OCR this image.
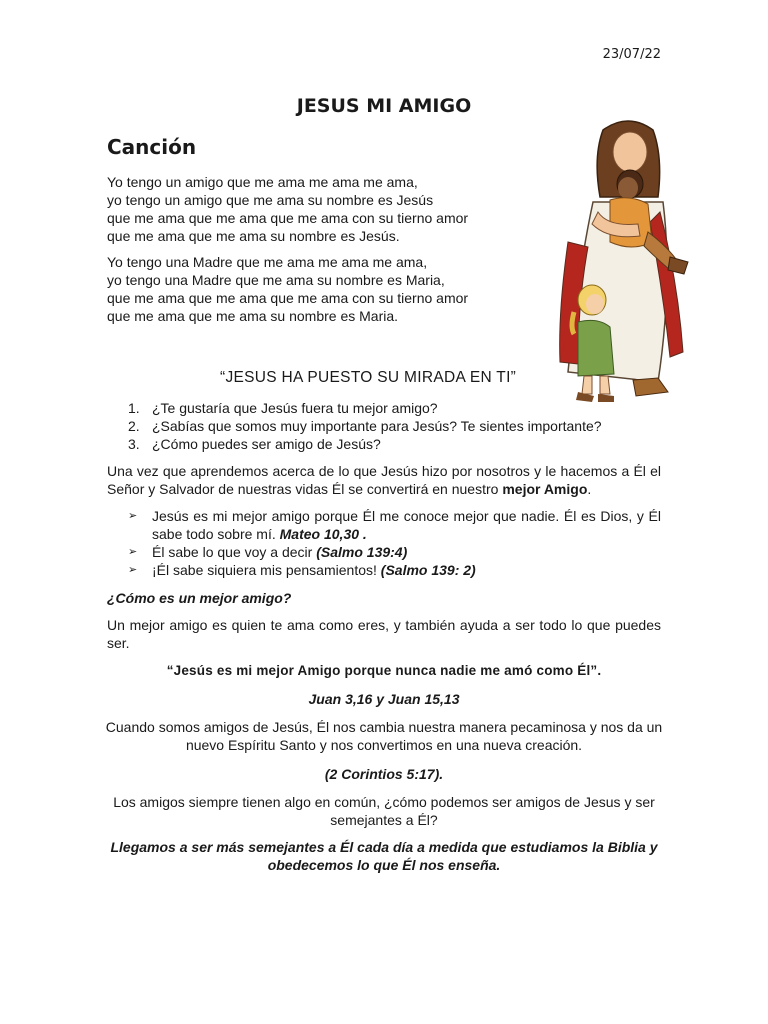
23/07/22
JESUS MI AMIGO
Canción
Yo tengo un amigo que me ama me ama me ama,
yo tengo un amigo que me ama su nombre es Jesús
que me ama que me ama que me ama con su tierno amor
que me ama que me ama su nombre es Jesús.
Yo tengo una Madre que me ama me ama me ama,
yo tengo una Madre que me ama su nombre es Maria,
que me ama que me ama que me ama con su tierno amor
que me ama que me ama su nombre es Maria.
“JESUS HA PUESTO SU MIRADA EN TI”
1. ¿Te gustaría que Jesús fuera tu mejor amigo?
2. ¿Sabías que somos muy importante para Jesús? Te sientes importante?
3. ¿Cómo puedes ser amigo de Jesús?
Una vez que aprendemos acerca de lo que Jesús hizo por nosotros y le hacemos a Él el Señor y Salvador de nuestras vidas Él se convertirá en nuestro mejor Amigo.
➢ Jesús es mi mejor amigo porque Él me conoce mejor que nadie. Él es Dios, y Él sabe todo sobre mí. Mateo 10,30 .
➢ Él sabe lo que voy a decir (Salmo 139:4)
➢ ¡Él sabe siquiera mis pensamientos! (Salmo 139: 2)
¿Cómo es un mejor amigo?
Un mejor amigo es quien te ama como eres, y también ayuda a ser todo lo que puedes ser.
“Jesús es mi mejor Amigo porque nunca nadie me amó como Él”.
Juan 3,16 y Juan 15,13
Cuando somos amigos de Jesús, Él nos cambia nuestra manera pecaminosa y nos da un nuevo Espíritu Santo y nos convertimos en una nueva creación.
(2 Corintios 5:17).
Los amigos siempre tienen algo en común, ¿cómo podemos ser amigos de Jesus y ser semejantes a Él?
Llegamos a ser más semejantes a Él cada día a medida que estudiamos la Biblia y obedecemos lo que Él nos enseña.
